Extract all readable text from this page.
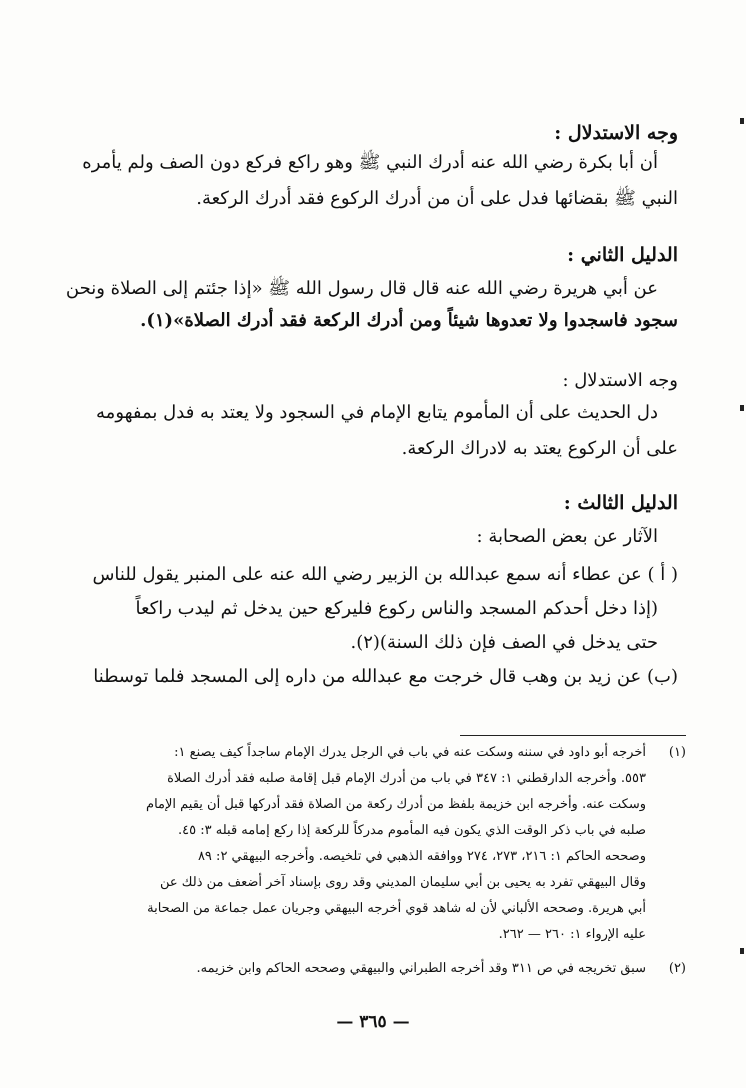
وجه الاستدلال :
أن أبا بكرة رضي الله عنه أدرك النبي ﷺ وهو راكع فركع دون الصف ولم يأمره
النبي ﷺ بقضائها فدل على أن من أدرك الركوع فقد أدرك الركعة.
الدليل الثاني :
عن أبي هريرة رضي الله عنه قال قال رسول الله ﷺ «إذا جئتم إلى الصلاة ونحن
سجود فاسجدوا ولا تعدوها شيئاً ومن أدرك الركعة فقد أدرك الصلاة»(١).
وجه الاستدلال :
دل الحديث على أن المأموم يتابع الإمام في السجود ولا يعتد به فدل بمفهومه
على أن الركوع يعتد به لادراك الركعة.
الدليل الثالث :
الآثار عن بعض الصحابة :
( أ ) عن عطاء أنه سمع عبدالله بن الزبير رضي الله عنه على المنبر يقول للناس
(إذا دخل أحدكم المسجد والناس ركوع فليركع حين يدخل ثم ليدب راكعاً
حتى يدخل في الصف فإن ذلك السنة)(٢).
(ب) عن زيد بن وهب قال خرجت مع عبدالله من داره إلى المسجد فلما توسطنا
(١)
أخرجه أبو داود في سننه وسكت عنه في باب في الرجل يدرك الإمام ساجداً كيف يصنع ١:
٥٥٣. وأخرجه الدارقطني ١: ٣٤٧ في باب من أدرك الإمام قبل إقامة صلبه فقد أدرك الصلاة
وسكت عنه. وأخرجه ابن خزيمة بلفظ من أدرك ركعة من الصلاة فقد أدركها قبل أن يقيم الإمام
صلبه في باب ذكر الوقت الذي يكون فيه المأموم مدركاً للركعة إذا ركع إمامه قبله ٣: ٤٥.
وصححه الحاكم ١: ٢١٦، ٢٧٣، ٢٧٤ ووافقه الذهبي في تلخيصه. وأخرجه البيهقي ٢: ٨٩
وقال البيهقي تفرد به يحيى بن أبي سليمان المديني وقد روى بإسناد آخر أضعف من ذلك عن
أبي هريرة. وصححه الألباني لأن له شاهد قوي أخرجه البيهقي وجريان عمل جماعة من الصحابة
عليه الإرواء ١: ٢٦٠ — ٢٦٢.
(٢)
سبق تخريجه في ص ٣١١ وقد أخرجه الطبراني والبيهقي وصححه الحاكم وابن خزيمه.
— ٣٦٥ —
